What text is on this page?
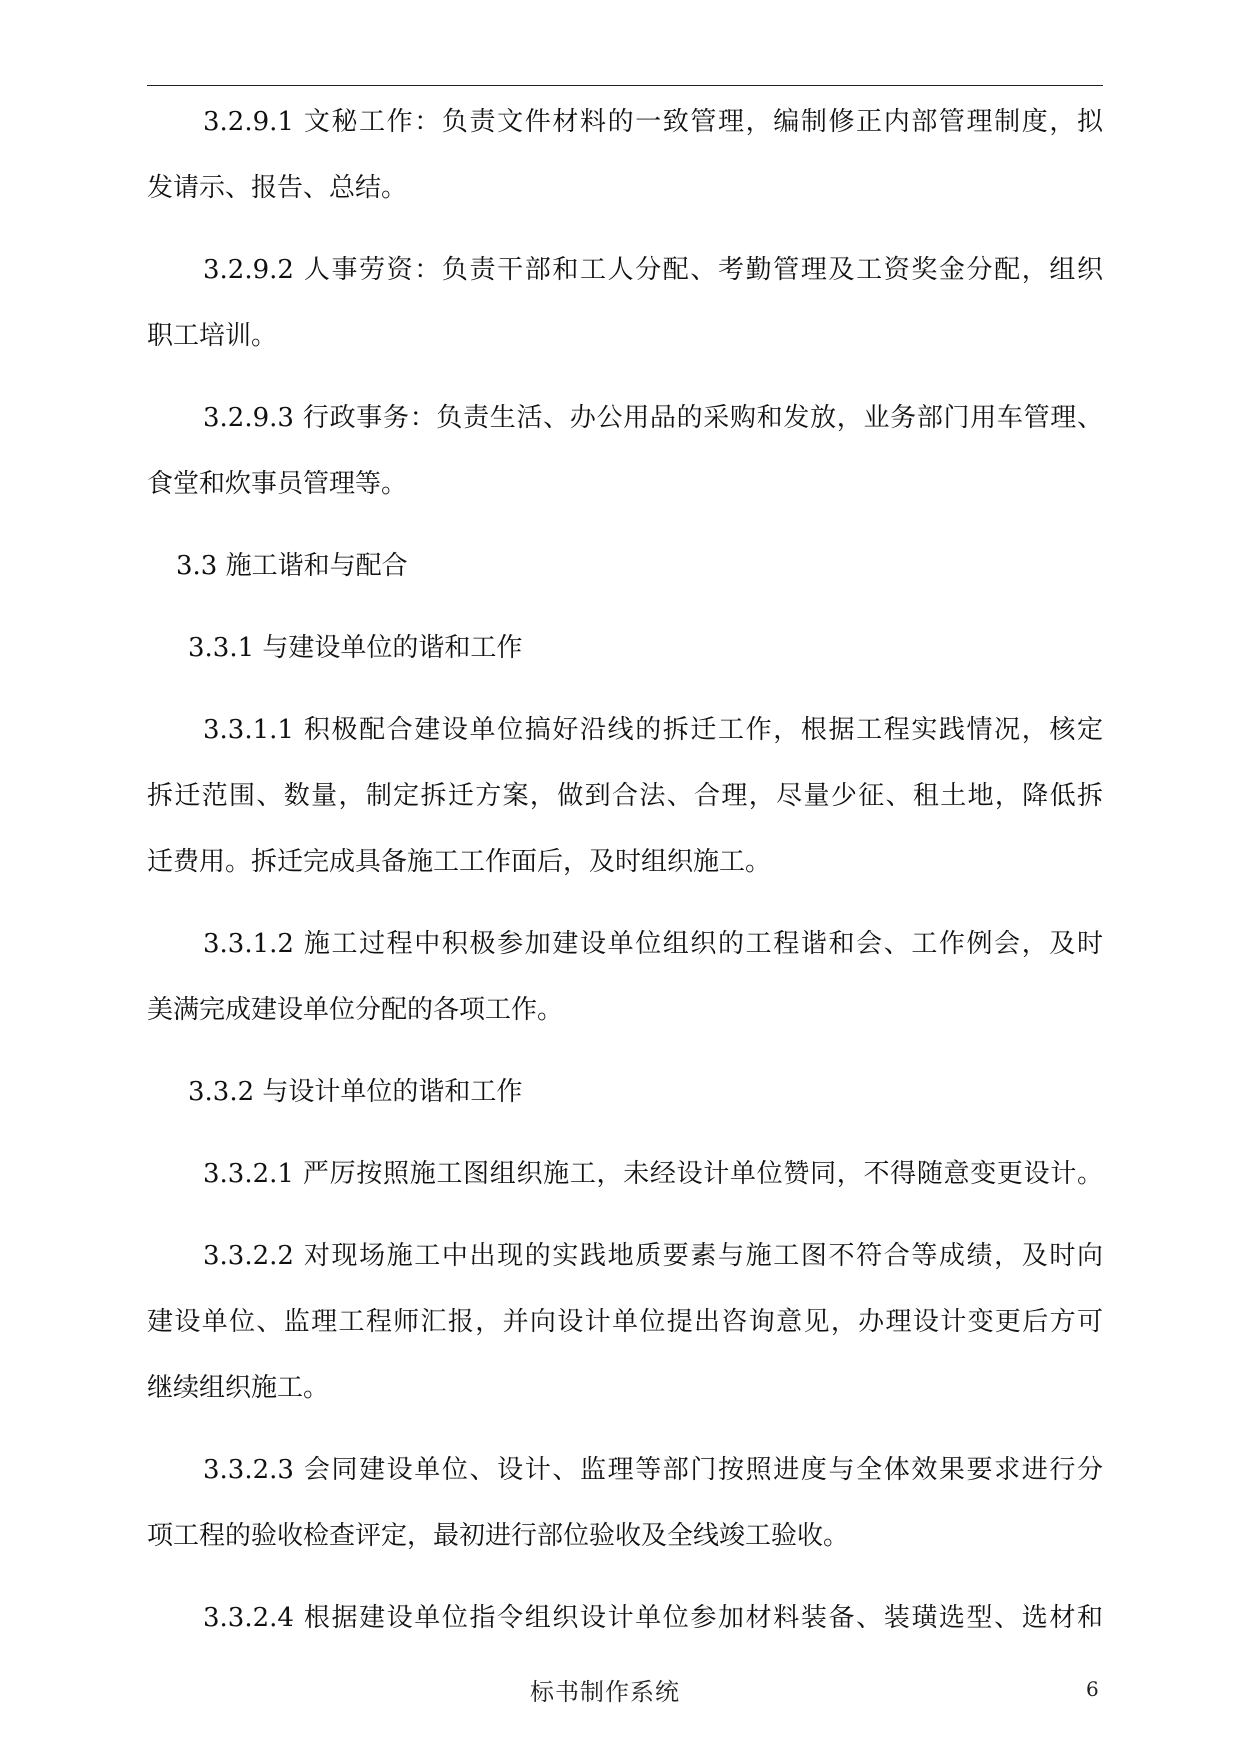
3.2.9.1 文秘工作：负责文件材料的一致管理，编制修正内部管理制度，拟
发请示、报告、总结。
3.2.9.2 人事劳资：负责干部和工人分配、考勤管理及工资奖金分配，组织
职工培训。
3.2.9.3 行政事务：负责生活、办公用品的采购和发放，业务部门用车管理、
食堂和炊事员管理等。
3.3 施工谐和与配合
3.3.1 与建设单位的谐和工作
3.3.1.1 积极配合建设单位搞好沿线的拆迁工作，根据工程实践情况，核定
拆迁范围、数量，制定拆迁方案，做到合法、合理，尽量少征、租土地，降低拆
迁费用。拆迁完成具备施工工作面后，及时组织施工。
3.3.1.2 施工过程中积极参加建设单位组织的工程谐和会、工作例会，及时
美满完成建设单位分配的各项工作。
3.3.2 与设计单位的谐和工作
3.3.2.1 严厉按照施工图组织施工，未经设计单位赞同，不得随意变更设计。
3.3.2.2 对现场施工中出现的实践地质要素与施工图不符合等成绩，及时向
建设单位、监理工程师汇报，并向设计单位提出咨询意见，办理设计变更后方可
继续组织施工。
3.3.2.3 会同建设单位、设计、监理等部门按照进度与全体效果要求进行分
项工程的验收检查评定，最初进行部位验收及全线竣工验收。
3.3.2.4 根据建设单位指令组织设计单位参加材料装备、装璜选型、选材和
标书制作系统	6
